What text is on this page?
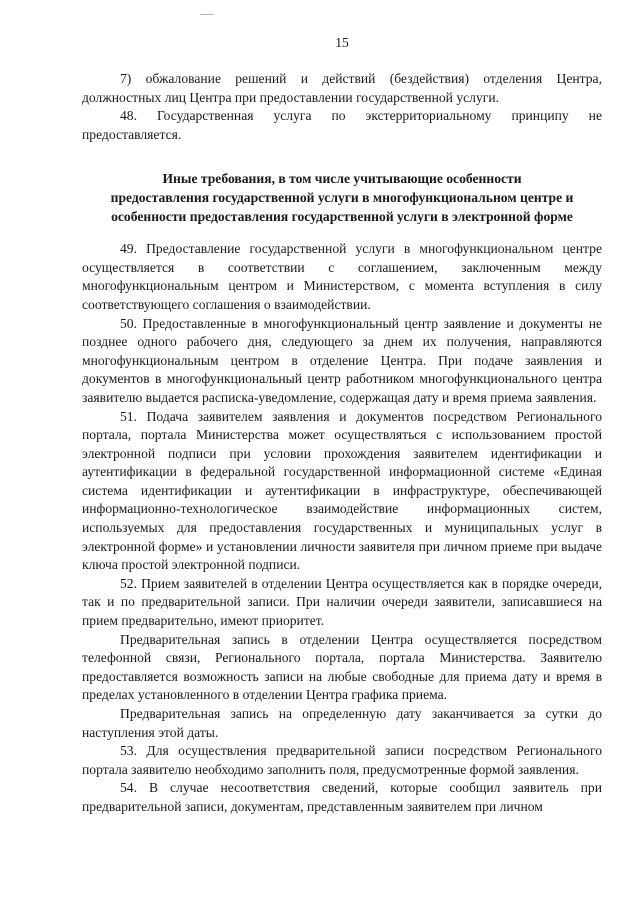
15

7) обжалование решений и действий (бездействия) отделения Центра, должностных лиц Центра при предоставлении государственной услуги.

48. Государственная услуга по экстерриториальному принципу не предоставляется.

Иные требования, в том числе учитывающие особенности
предоставления государственной услуги в многофункциональном центре и
особенности предоставления государственной услуги в электронной форме

49. Предоставление государственной услуги в многофункциональном центре осуществляется в соответствии с соглашением, заключенным между многофункциональным центром и Министерством, с момента вступления в силу соответствующего соглашения о взаимодействии.

50. Предоставленные в многофункциональный центр заявление и документы не позднее одного рабочего дня, следующего за днем их получения, направляются многофункциональным центром в отделение Центра. При подаче заявления и документов в многофункциональный центр работником многофункционального центра заявителю выдается расписка-уведомление, содержащая дату и время приема заявления.

51. Подача заявителем заявления и документов посредством Регионального портала, портала Министерства может осуществляться с использованием простой электронной подписи при условии прохождения заявителем идентификации и аутентификации в федеральной государственной информационной системе «Единая система идентификации и аутентификации в инфраструктуре, обеспечивающей информационно-технологическое взаимодействие информационных систем, используемых для предоставления государственных и муниципальных услуг в электронной форме» и установлении личности заявителя при личном приеме при выдаче ключа простой электронной подписи.

52. Прием заявителей в отделении Центра осуществляется как в порядке очереди, так и по предварительной записи. При наличии очереди заявители, записавшиеся на прием предварительно, имеют приоритет.

Предварительная запись в отделении Центра осуществляется посредством телефонной связи, Регионального портала, портала Министерства. Заявителю предоставляется возможность записи на любые свободные для приема дату и время в пределах установленного в отделении Центра графика приема.

Предварительная запись на определенную дату заканчивается за сутки до наступления этой даты.

53. Для осуществления предварительной записи посредством Регионального портала заявителю необходимо заполнить поля, предусмотренные формой заявления.

54. В случае несоответствия сведений, которые сообщил заявитель при предварительной записи, документам, представленным заявителем при личном
